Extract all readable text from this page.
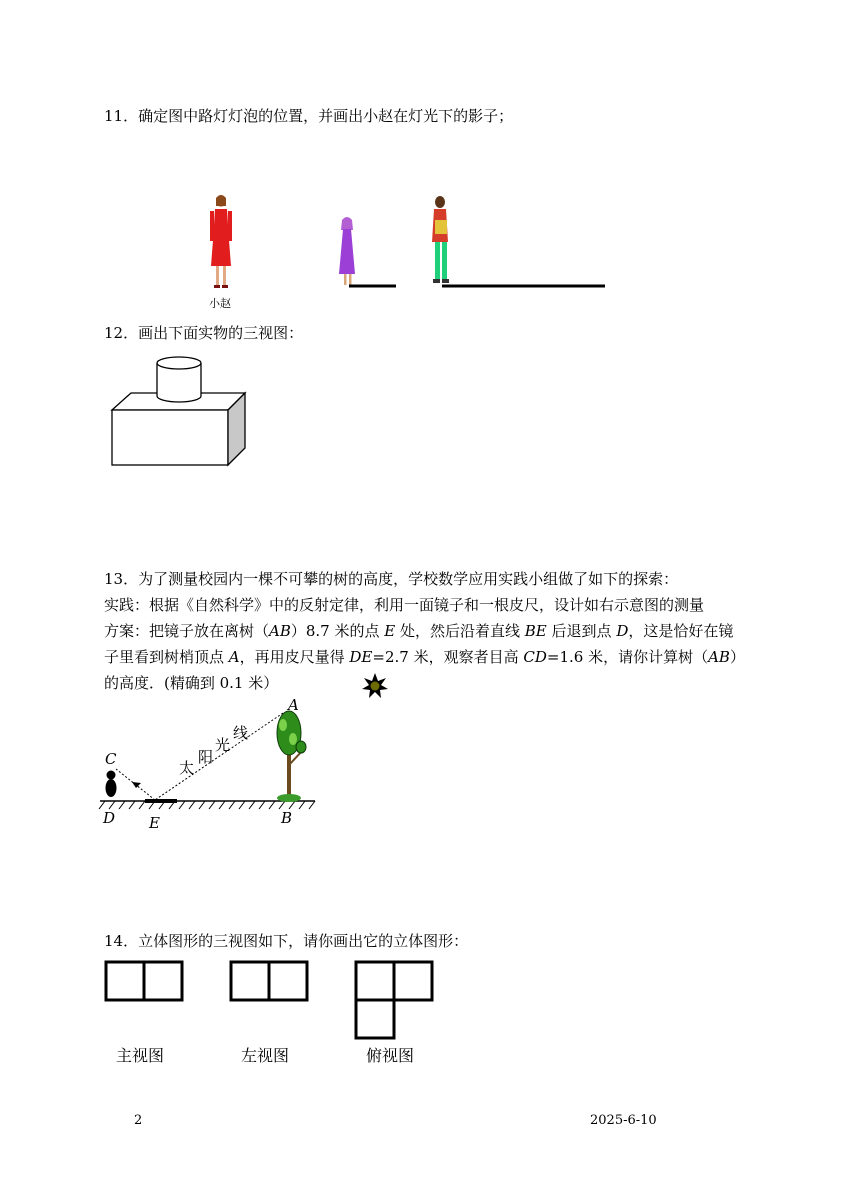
11．确定图中路灯灯泡的位置，并画出小赵在灯光下的影子；

小赵

12．画出下面实物的三视图：

13．为了测量校园内一棵不可攀的树的高度，学校数学应用实践小组做了如下的探索：

实践：根据《自然科学》中的反射定律，利用一面镜子和一根皮尺，设计如右示意图的测量

方案：把镜子放在离树（AB）8.7 米的点 E 处，然后沿着直线 BE 后退到点 D，这是恰好在镜

子里看到树梢顶点 A，再用皮尺量得 DE=2.7 米，观察者目高 CD=1.6 米，请你计算树（AB）

的高度．(精确到 0.1 米）

A
B
C
D E
太
阳
光
线

14．立体图形的三视图如下，请你画出它的立体图形：

主视图	左视图	俯视图

2	2025-6-10
